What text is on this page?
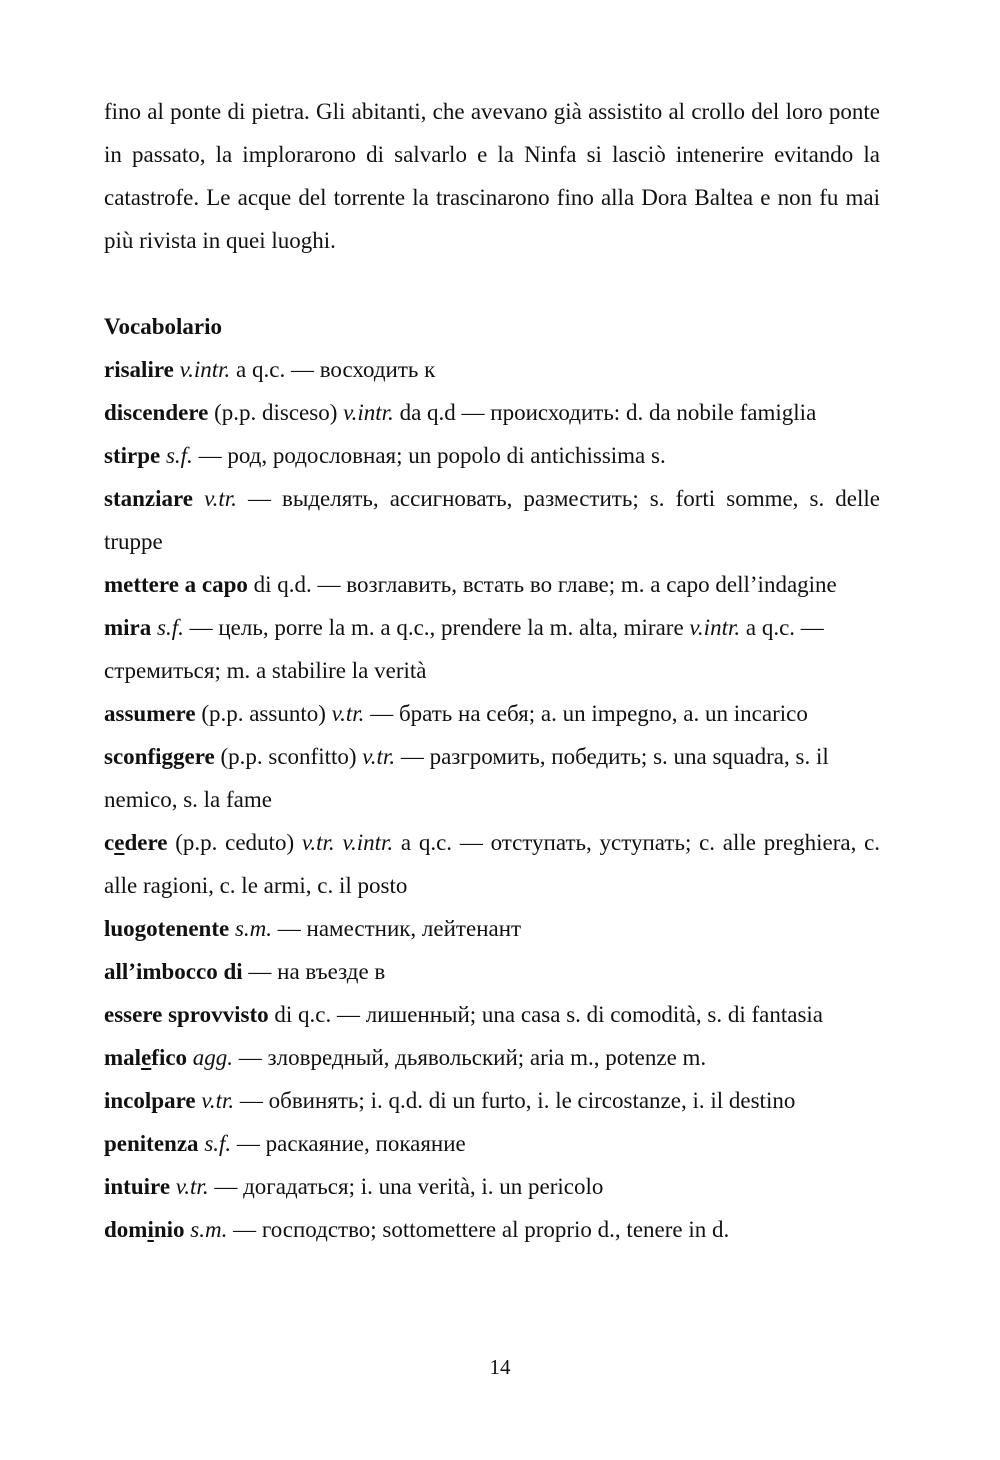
fino al ponte di pietra. Gli abitanti, che avevano già assistito al crollo del loro ponte in passato, la implorarono di salvarlo e la Ninfa si lasciò intenerire evitando la catastrofe. Le acque del torrente la trascinarono fino alla Dora Baltea e non fu mai più rivista in quei luoghi.

Vocabolario

risalire v.intr. a q.c. — восходить к

discendere (p.p. disceso) v.intr. da q.d — происходить: d. da nobile famiglia

stirpe s.f. — род, родословная; un popolo di antichissima s.

stanziare v.tr. — выделять, ассигновать, разместить; s. forti somme, s. delle truppe

mettere a capo di q.d. — возглавить, встать во главе; m. a capo dell’indagine

mira s.f. — цель, porre la m. a q.c., prendere la m. alta, mirare v.intr. a q.c. — стремиться; m. a stabilire la verità

assumere (p.p. assunto) v.tr. — брать на себя; a. un impegno, a. un incarico

sconfiggere (p.p. sconfitto) v.tr. — разгромить, победить; s. una squadra, s. il nemico, s. la fame

cedere (p.p. ceduto) v.tr. v.intr. a q.c. — отступать, уступать; c. alle preghiera, c. alle ragioni, c. le armi, c. il posto

luogotenente s.m. — наместник, лейтенант

all’imbocco di — на въезде в

essere sprovvisto di q.c. — лишенный; una casa s. di comodità, s. di fantasia

malefico agg. — зловредный, дьявольский; aria m., potenze m.

incolpare v.tr. — обвинять; i. q.d. di un furto, i. le circostanze, i. il destino

penitenza s.f. — раскаяние, покаяние

intuire v.tr. — догадаться; i. una verità, i. un pericolo

dominio s.m. — господство; sottomettere al proprio d., tenere in d.

14
